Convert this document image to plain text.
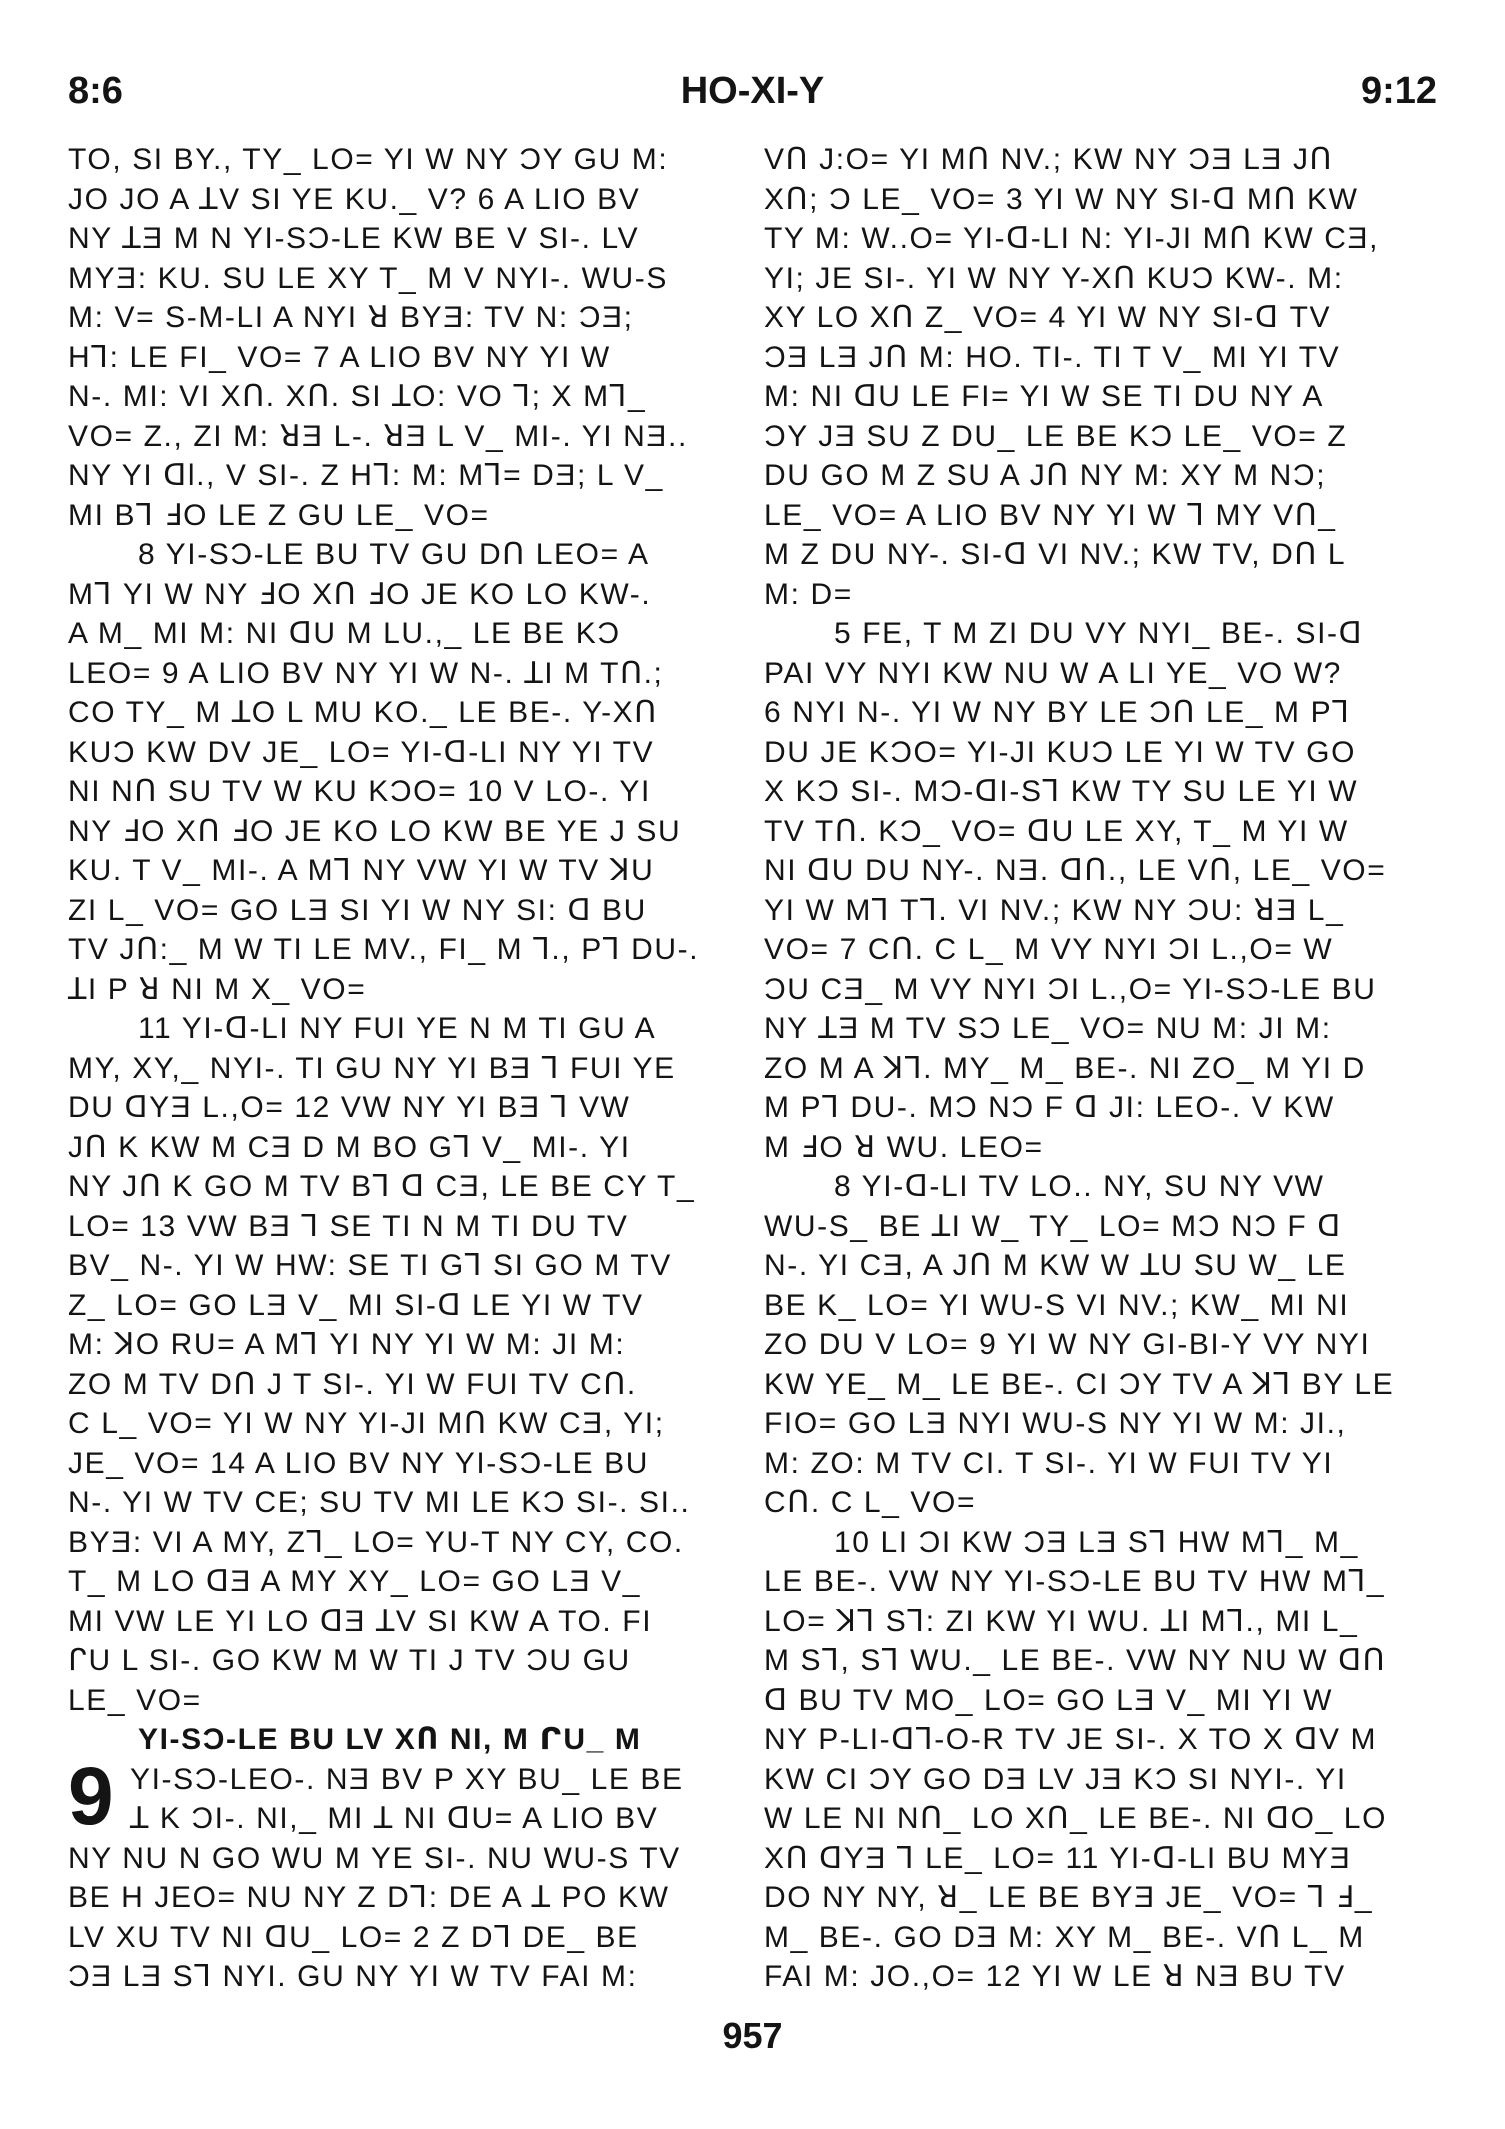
8:6	HO-XI-Y	9:12
TO, SI BY., TY_ LO= YI W NY ƆY GU M:
JO JO A ꓕV SI YE KU._ V? 6 A LIO BV
NY ꓕƎ M N YI-SƆ-LE KW BE V SI-. LV
MYƎ: KU. SU LE XY T_ M V NYI-. WU-S
M: V= S-M-LI A NYI ꓤ BYƎ: TV N: ƆƎ;
Hꓶ: LE FI_ VO= 7 A LIO BV NY YI W
N-. MI: VI XՈ. XՈ. SI ꓕO: VO ꓶ; X Mꓶ_
VO= Z., ZI M: ꓤƎ L-. ꓤƎ L V_ MI-. YI NƎ..
NY YI ꓷl., V SI-. Z Hꓶ: M: Mꓶ= DƎ; L V_
MI Bꓶ ꓞO LE Z GU LE_ VO=
8 YI-SƆ-LE BU TV GU DՈ LEO= A
Mꓶ YI W NY ꓞO XՈ ꓞO JE KO LO KW-.
A M_ MI M: NI ꓷU M LU.,_ LE BE KƆ
LEO= 9 A LIO BV NY YI W N-. ꓕI M TՈ.;
CO TY_ M ꓕO L MU KO._ LE BE-. Y-XՈ
KUƆ KW DV JE_ LO= YI-ꓷ-LI NY YI TV
NI NՈ SU TV W KU KƆO= 10 V LO-. YI
NY ꓞO XՈ ꓞO JE KO LO KW BE YE J SU
KU. T V_ MI-. A Mꓶ NY VW YI W TV ꓘU
ZI L_ VO= GO LƎ SI YI W NY SI: ꓷ BU
TV JՈ:_ M W TI LE MV., FI_ M ꓶ., Pꓶ DU-.
ꓕI P ꓤ NI M X_ VO=
11 YI-ꓷ-LI NY FUI YE N M TI GU A
MY, XY,_ NYI-. TI GU NY YI BƎ ꓶ FUI YE
DU ꓷYƎ L.,O= 12 VW NY YI BƎ ꓶ VW
JՈ K KW M CƎ D M BO Gꓶ V_ MI-. YI
NY JՈ K GO M TV Bꓶ ꓷ CƎ, LE BE CY T_
LO= 13 VW BƎ ꓶ SE TI N M TI DU TV
BV_ N-. YI W HW: SE TI Gꓶ SI GO M TV
Z_ LO= GO LƎ V_ MI SI-ꓷ LE YI W TV
M: ꓘO RU= A Mꓶ YI NY YI W M: JI M:
ZO M TV DՈ J T SI-. YI W FUI TV CՈ.
C L_ VO= YI W NY YI-JI MՈ KW CƎ, YI;
JE_ VO= 14 A LIO BV NY YI-SƆ-LE BU
N-. YI W TV CE; SU TV MI LE KƆ SI-. SI..
BYƎ: VI A MY, Zꓶ_ LO= YU-T NY CY, CO.
T_ M LO ꓷƎ A MY XY_ LO= GO LƎ V_
MI VW LE YI LO ꓷƎ ꓕV SI KW A TO. FI
ᒋU L SI-. GO KW M W TI J TV ƆU GU
LE_ VO=
YI-SƆ-LE BU LV XՈ NI, M ᒋU_ M
9 YI-SƆ-LEO-. NƎ BV P XY BU_ LE BE
ꓕ K ƆI-. NI,_ MI ꓕ NI ꓷU= A LIO BV
NY NU N GO WU M YE SI-. NU WU-S TV
BE H JEO= NU NY Z Dꓶ: DE A ꓕ PO KW
LV XU TV NI ꓷU_ LO= 2 Z Dꓶ DE_ BE
ƆƎ LƎ Sꓶ NYI. GU NY YI W TV FAI M:
VՈ J:O= YI MՈ NV.; KW NY ƆƎ LƎ JՈ
XՈ; Ɔ LE_ VO= 3 YI W NY SI-ꓷ MՈ KW
TY M: W..O= YI-ꓷ-LI N: YI-JI MՈ KW CƎ,
YI; JE SI-. YI W NY Y-XՈ KUƆ KW-. M:
XY LO XՈ Z_ VO= 4 YI W NY SI-ꓷ TV
ƆƎ LƎ JՈ M: HO. TI-. TI T V_ MI YI TV
M: NI ꓷU LE FI= YI W SE TI DU NY A
ƆY JƎ SU Z DU_ LE BE KƆ LE_ VO= Z
DU GO M Z SU A JՈ NY M: XY M NƆ;
LE_ VO= A LIO BV NY YI W ꓶ MY VՈ_
M Z DU NY-. SI-ꓷ VI NV.; KW TV, DՈ L
M: D=
5 FE, T M ZI DU VY NYI_ BE-. SI-ꓷ
PAI VY NYI KW NU W A LI YE_ VO W?
6 NYI N-. YI W NY BY LE ƆՈ LE_ M Pꓶ
DU JE KƆO= YI-JI KUƆ LE YI W TV GO
X KƆ SI-. MƆ-ꓷI-Sꓶ KW TY SU LE YI W
TV TՈ. KƆ_ VO= ꓷU LE XY, T_ M YI W
NI ꓷU DU NY-. NƎ. ꓷՈ., LE VՈ, LE_ VO=
YI W Mꓶ Tꓶ. VI NV.; KW NY ƆU: ꓤƎ L_
VO= 7 CՈ. C L_ M VY NYI ƆI L.,O= W
ƆU CƎ_ M VY NYI ƆI L.,O= YI-SƆ-LE BU
NY ꓕƎ M TV SƆ LE_ VO= NU M: JI M:
ZO M A ꓘꓶ. MY_ M_ BE-. NI ZO_ M YI D
M Pꓶ DU-. MƆ NƆ F ꓷ JI: LEO-. V KW
M ꓞO ꓤ WU. LEO=
8 YI-ꓷ-LI TV LO.. NY, SU NY VW
WU-S_ BE ꓕI W_ TY_ LO= MƆ NƆ F ꓷ
N-. YI CƎ, A JՈ M KW W ꓕU SU W_ LE
BE K_ LO= YI WU-S VI NV.; KW_ MI NI
ZO DU V LO= 9 YI W NY GI-BI-Y VY NYI
KW YE_ M_ LE BE-. CI ƆY TV A ꓘꓶ BY LE
FIO= GO LƎ NYI WU-S NY YI W M: JI.,
M: ZO: M TV CI. T SI-. YI W FUI TV YI
CՈ. C L_ VO=
10 LI ƆI KW ƆƎ LƎ Sꓶ HW Mꓶ_ M_
LE BE-. VW NY YI-SƆ-LE BU TV HW Mꓶ_
LO= ꓘꓶ Sꓶ: ZI KW YI WU. ꓕI Mꓶ., MI L_
M Sꓶ, Sꓶ WU._ LE BE-. VW NY NU W ꓷՈ
ꓷ BU TV MO_ LO= GO LƎ V_ MI YI W
NY P-LI-ꓷꓶ-O-R TV JE SI-. X TO X ꓷV M
KW CI ƆY GO DƎ LV JƎ KƆ SI NYI-. YI
W LE NI NՈ_ LO XՈ_ LE BE-. NI ꓷO_ LO
XՈ ꓷYƎ ꓶ LE_ LO= 11 YI-ꓷ-LI BU MYƎ
DO NY NY, ꓤ_ LE BE BYƎ JE_ VO= ꓶ ꓞ_
M_ BE-. GO DƎ M: XY M_ BE-. VՈ L_ M
FAI M: JO.,O= 12 YI W LE ꓤ NƎ BU TV
957
